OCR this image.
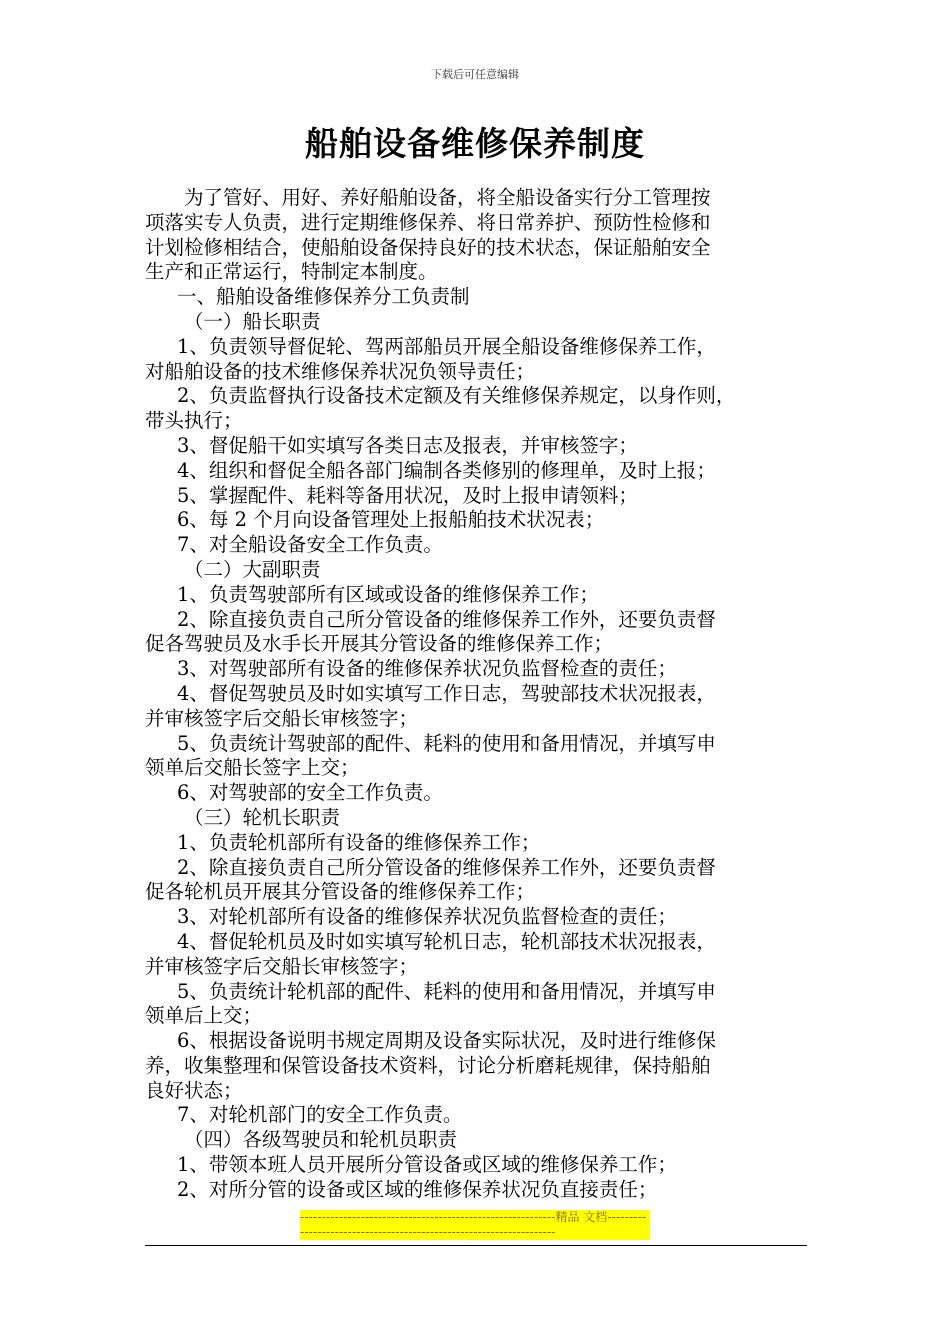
下载后可任意编辑
船舶设备维修保养制度

为了管好、用好、养好船舶设备，将全船设备实行分工管理按

项落实专人负责，进行定期维修保养、将日常养护、预防性检修和

计划检修相结合，使船舶设备保持良好的技术状态，保证船舶安全

生产和正常运行，特制定本制度。

一、船舶设备维修保养分工负责制

（一）船长职责

1、负责领导督促轮、驾两部船员开展全船设备维修保养工作，

对船舶设备的技术维修保养状况负领导责任；

2、负责监督执行设备技术定额及有关维修保养规定，以身作则，

带头执行；

3、督促船干如实填写各类日志及报表，并审核签字；

4、组织和督促全船各部门编制各类修别的修理单，及时上报；

5、掌握配件、耗料等备用状况，及时上报申请领料；

6、每 2 个月向设备管理处上报船舶技术状况表；

7、对全船设备安全工作负责。

（二）大副职责

1、负责驾驶部所有区域或设备的维修保养工作；

2、除直接负责自己所分管设备的维修保养工作外，还要负责督

促各驾驶员及水手长开展其分管设备的维修保养工作；

3、对驾驶部所有设备的维修保养状况负监督检查的责任；

4、督促驾驶员及时如实填写工作日志，驾驶部技术状况报表，

并审核签字后交船长审核签字；

5、负责统计驾驶部的配件、耗料的使用和备用情况，并填写申

领单后交船长签字上交；

6、对驾驶部的安全工作负责。

（三）轮机长职责

1、负责轮机部所有设备的维修保养工作；

2、除直接负责自己所分管设备的维修保养工作外，还要负责督

促各轮机员开展其分管设备的维修保养工作；

3、对轮机部所有设备的维修保养状况负监督检查的责任；

4、督促轮机员及时如实填写轮机日志，轮机部技术状况报表，

并审核签字后交船长审核签字；

5、负责统计轮机部的配件、耗料的使用和备用情况，并填写申

领单后上交；

6、根据设备说明书规定周期及设备实际状况，及时进行维修保

养，收集整理和保管设备技术资料，讨论分析磨耗规律，保持船舶

良好状态；

7、对轮机部门的安全工作负责。

（四）各级驾驶员和轮机员职责

1、带领本班人员开展所分管设备或区域的维修保养工作；

2、对所分管的设备或区域的维修保养状况负直接责任；

-----------------------------------------------------------精品 文档--------------------------------------------------------------------
